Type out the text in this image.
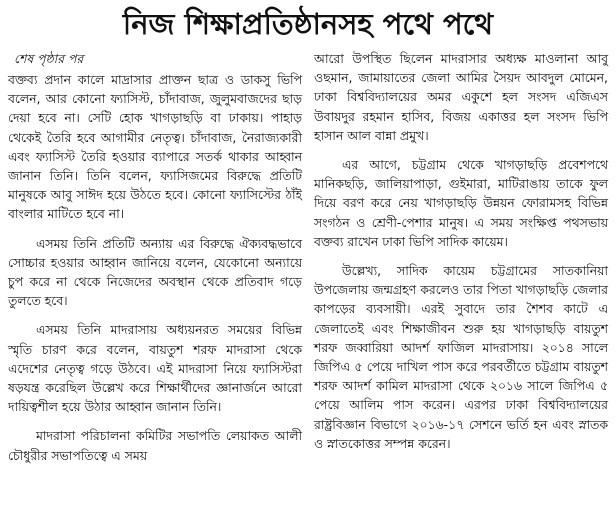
নিজ শিক্ষাপ্রতিষ্ঠানসহ পথে পথে
শেষ পৃষ্ঠার পর

বক্তব্য প্রদান কালে মাদ্রাসার প্রাক্তন ছাত্র ও ডাকসু ভিপি বলেন, আর কোনো ফ্যাসিস্ট, চাঁদাবাজ, জুলুমবাজদের ছাড় দেয়া হবে না। সেটি হোক খাগড়াছড়ি বা ঢাকায়। পাহাড় থেকেই তৈরি হবে আগামীর নেতৃত্ব। চাঁদাবাজ, নৈরাজ্যকারী এবং ফ্যাসিস্ট তৈরি হওয়ার ব্যাপারে সতর্ক থাকার আহ্বান জানান তিনি। তিনি বলেন, ফ্যাসিজমের বিরুদ্ধে প্রতিটি মানুষকে আবু সাঈদ হয়ে উঠতে হবে। কোনো ফ্যাসিস্টের ঠাঁই বাংলার মাটিতে হবে না।

এসময় তিনি প্রতিটি অন্যায় এর বিরুদ্ধে ঐক্যবদ্ধভাবে সোচ্চার হওয়ার আহ্বান জানিয়ে বলেন, যেকোনো অন্যায়ে চুপ করে না থেকে নিজেদের অবস্থান থেকে প্রতিবাদ গড়ে তুলতে হবে।

এসময় তিনি মাদরাসায় অধ্যয়নরত সময়ের বিভিন্ন স্মৃতি চারণ করে বলেন, বায়তুশ শরফ মাদরাসা থেকে এদেশের নেতৃত্ব গড়ে উঠবে। এই মাদরাসা নিয়ে ফ্যাসিস্টরা ষড়যন্ত্র করেছিল উল্লেখ করে শিক্ষার্থীদের জ্ঞানার্জনে আরো দায়িত্বশীল হয়ে উঠার আহ্বান জানান তিনি।

মাদরাসা পরিচালনা কমিটির সভাপতি লেয়াকত আলী চৌধুরীর সভাপতিত্বে এ সময়

আরো উপস্থিত ছিলেন মাদরাসার অধ্যক্ষ মাওলানা আবু ওছমান, জামায়াতের জেলা আমির সৈয়দ আবদুল মোমেন, ঢাকা বিশ্ববিদ্যালয়ের অমর একুশে হল সংসদ এজিএস উবায়দুর রহমান হাসিব, বিজয় একাত্তর হল সংসদ ভিপি হাসান আল বান্না প্রমুখ।

এর আগে, চট্টগ্রাম থেকে খাগড়াছড়ি প্রবেশপথে মানিকছড়ি, জালিয়াপাড়া, গুইমারা, মাটিরাঙায় তাকে ফুল দিয়ে বরণ করে নেয় খাগড়াছড়ি উন্নয়ন ফোরামসহ বিভিন্ন সংগঠন ও শ্রেণী-পেশার মানুষ। এ সময় সংক্ষিপ্ত পথসভায় বক্তব্য রাখেন ঢাকা ভিপি সাদিক কায়েম।

উল্লেখ্য, সাদিক কায়েম চট্টগ্রামের সাতকানিয়া উপজেলায় জন্মগ্রহণ করলেও তার পিতা খাগড়াছড়ি জেলার কাপড়ের ব্যবসায়ী। এরই সুবাদে তার শৈশব কাটে এ জেলাতেই এবং শিক্ষাজীবন শুরু হয় খাগড়াছড়ি বায়তুশ শরফ জব্বারিয়া আদর্শ ফাজিল মাদরাসায়। ২০১৪ সালে জিপিএ ৫ পেয়ে দাখিল পাস করে পরবর্তীতে চট্টগ্রাম বায়তুশ শরফ আদর্শ কামিল মাদরাসা থেকে ২০১৬ সালে জিপিএ ৫ পেয়ে আলিম পাস করেন। এরপর ঢাকা বিশ্ববিদ্যালয়ের রাষ্ট্রবিজ্ঞান বিভাগে ২০১৬-১৭ সেশনে ভর্তি হন এবং স্নাতক ও স্নাতকোত্তর সম্পন্ন করেন।
